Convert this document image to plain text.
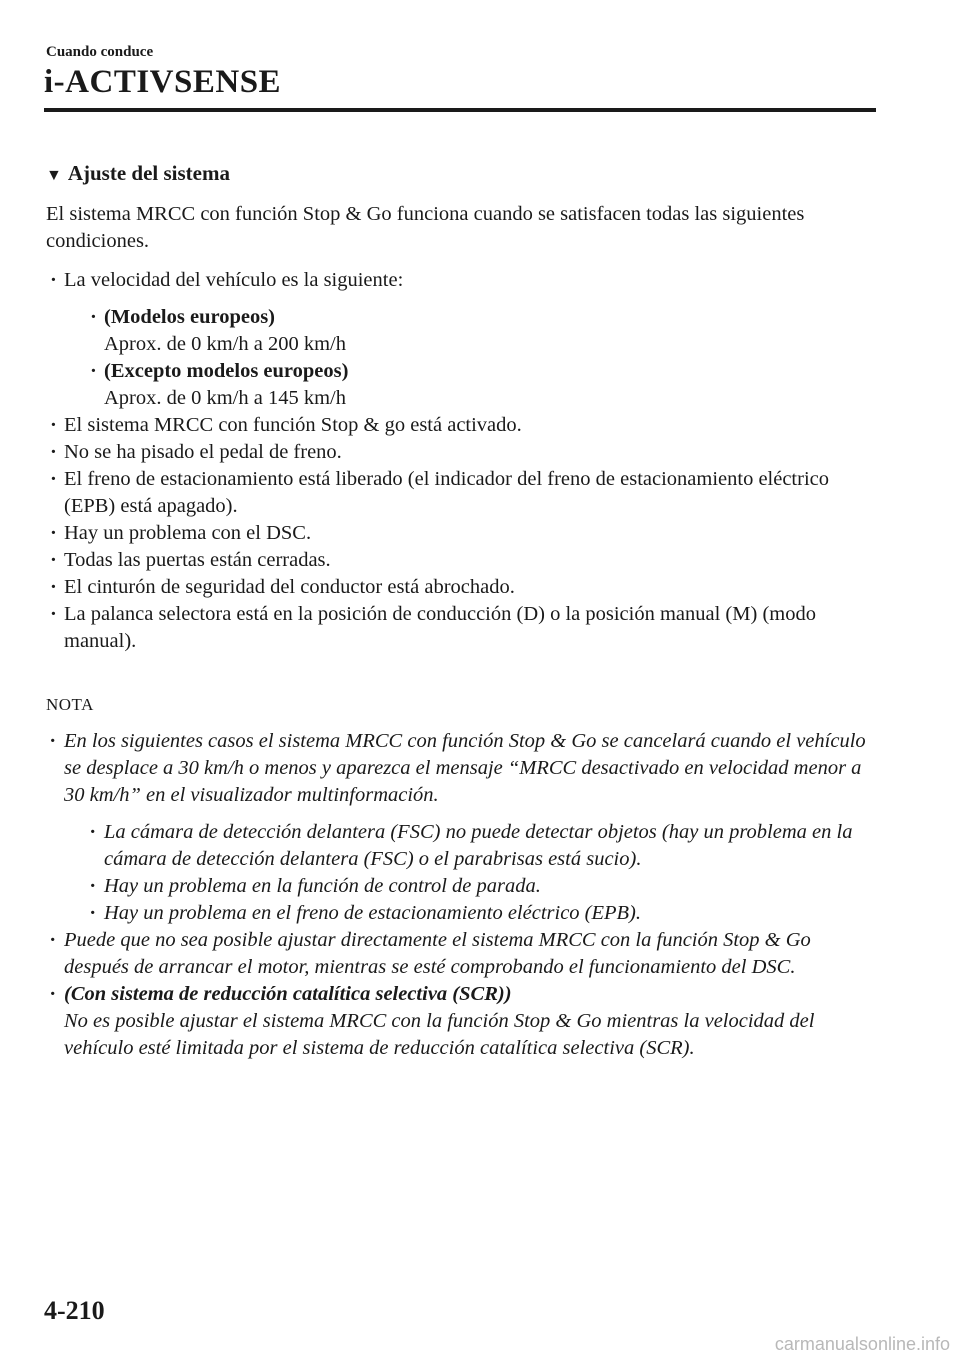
Cuando conduce
i-ACTIVSENSE
▼ Ajuste del sistema

El sistema MRCC con función Stop & Go funciona cuando se satisfacen todas las siguientes condiciones.

· La velocidad del vehículo es la siguiente:
· (Modelos europeos)
Aprox. de 0 km/h a 200 km/h
· (Excepto modelos europeos)
Aprox. de 0 km/h a 145 km/h
· El sistema MRCC con función Stop & go está activado.
· No se ha pisado el pedal de freno.
· El freno de estacionamiento está liberado (el indicador del freno de estacionamiento eléctrico (EPB) está apagado).
· Hay un problema con el DSC.
· Todas las puertas están cerradas.
· El cinturón de seguridad del conductor está abrochado.
· La palanca selectora está en la posición de conducción (D) o la posición manual (M) (modo manual).
NOTA
· En los siguientes casos el sistema MRCC con función Stop & Go se cancelará cuando el vehículo se desplace a 30 km/h o menos y aparezca el mensaje “MRCC desactivado en velocidad menor a 30 km/h” en el visualizador multinformación.
· La cámara de detección delantera (FSC) no puede detectar objetos (hay un problema en la cámara de detección delantera (FSC) o el parabrisas está sucio).
· Hay un problema en la función de control de parada.
· Hay un problema en el freno de estacionamiento eléctrico (EPB).
· Puede que no sea posible ajustar directamente el sistema MRCC con la función Stop & Go después de arrancar el motor, mientras se esté comprobando el funcionamiento del DSC.
· (Con sistema de reducción catalítica selectiva (SCR))
No es posible ajustar el sistema MRCC con la función Stop & Go mientras la velocidad del vehículo esté limitada por el sistema de reducción catalítica selectiva (SCR).
4-210
carmanualsonline.info
